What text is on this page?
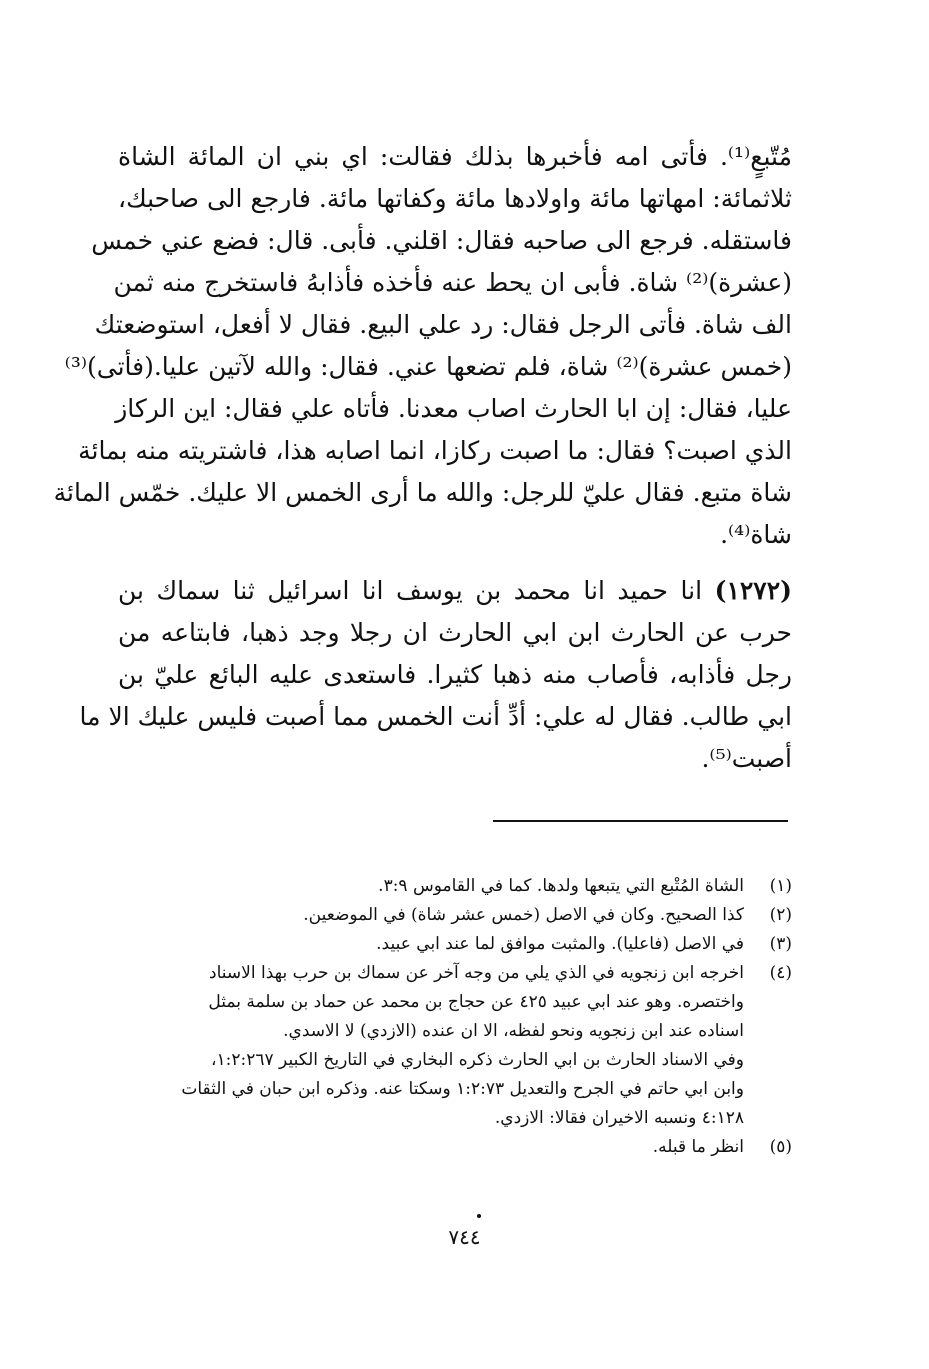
مُتّبعٍ⁽¹⁾. فأتى امه فأخبرها بذلك فقالت: اي بني ان المائة الشاة
ثلاثمائة: امهاتها مائة واولادها مائة وكفاتها مائة. فارجع الى صاحبك،
فاستقله. فرجع الى صاحبه فقال: اقلني. فأبى. قال: فضع عني خمس
(عشرة)⁽²⁾ شاة. فأبى ان يحط عنه فأخذه فأذابهُ فاستخرج منه ثمن
الف شاة. فأتى الرجل فقال: رد علي البيع. فقال لا أفعل، استوضعتك
(خمس عشرة)⁽²⁾ شاة، فلم تضعها عني. فقال: والله لآتين عليا.(فأتى)⁽³⁾
عليا، فقال: إن ابا الحارث اصاب معدنا. فأتاه علي فقال: اين الركاز
الذي اصبت؟ فقال: ما اصبت ركازا، انما اصابه هذا، فاشتريته منه بمائة
شاة متبع. فقال عليّ للرجل: والله ما أرى الخمس الا عليك. خمّس المائة
شاة⁽⁴⁾.
(١٢٧٢) انا حميد انا محمد بن يوسف انا اسرائيل ثنا سماك بن
حرب عن الحارث ابن ابي الحارث ان رجلا وجد ذهبا، فابتاعه من
رجل فأذابه، فأصاب منه ذهبا كثيرا. فاستعدى عليه البائع عليّ بن
ابي طالب. فقال له علي: أدِّ أنت الخمس مما أصبت فليس عليك الا ما
أصبت⁽⁵⁾.
(١)
الشاة المُتْبع التي يتبعها ولدها. كما في القاموس ٣:٩.
(٢)
كذا الصحيح. وكان في الاصل (خمس عشر شاة) في الموضعين.
(٣)
في الاصل (فاعليا). والمثبت موافق لما عند ابي عبيد.
(٤)
اخرجه ابن زنجويه في الذي يلي من وجه آخر عن سماك بن حرب بهذا الاسناد
واختصره. وهو عند ابي عبيد ٤٢٥ عن حجاج بن محمد عن حماد بن سلمة بمثل
اسناده عند ابن زنجويه ونحو لفظه، الا ان عنده (الازدي) لا الاسدي.
وفي الاسناد الحارث بن ابي الحارث ذكره البخاري في التاريخ الكبير ١:٢:٢٦٧،
وابن ابي حاتم في الجرح والتعديل ١:٢:٧٣ وسكتا عنه. وذكره ابن حبان في الثقات
٤:١٢٨ ونسبه الاخيران فقالا: الازدي.
(٥)
انظر ما قبله.
٧٤٤
